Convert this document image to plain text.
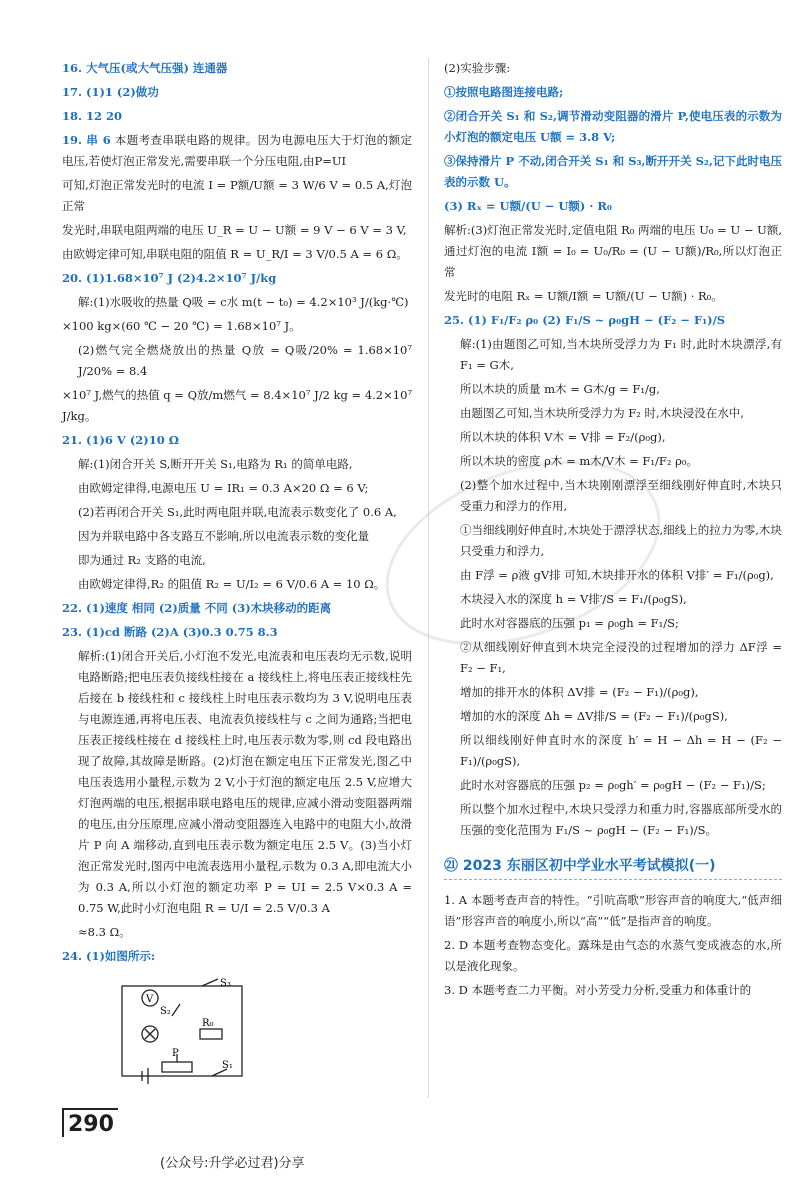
16. 大气压(或大气压强) 连通器

17. (1)1 (2)做功

18. 12 20

19. 串 6 本题考查串联电路的规律。因为电源电压大于灯泡的额定电压,若使灯泡正常发光,需要串联一个分压电阻,由P=UI

可知,灯泡正常发光时的电流 I = P额/U额 = 3 W/6 V = 0.5 A,灯泡正常

发光时,串联电阻两端的电压 U_R = U − U额 = 9 V − 6 V = 3 V,

由欧姆定律可知,串联电阻的阻值 R = U_R/I = 3 V/0.5 A = 6 Ω。

20. (1)1.68×10⁷ J (2)4.2×10⁷ J/kg

解:(1)水吸收的热量 Q吸 = c水 m(t − t₀) = 4.2×10³ J/(kg·℃)

×100 kg×(60 ℃ − 20 ℃) = 1.68×10⁷ J。

(2)燃气完全燃烧放出的热量 Q放 = Q吸/20% = 1.68×10⁷ J/20% = 8.4

×10⁷ J,燃气的热值 q = Q放/m燃气 = 8.4×10⁷ J/2 kg = 4.2×10⁷ J/kg。

21. (1)6 V (2)10 Ω

解:(1)闭合开关 S,断开开关 S₁,电路为 R₁ 的简单电路,

由欧姆定律得,电源电压 U = IR₁ = 0.3 A×20 Ω = 6 V;

(2)若再闭合开关 S₁,此时两电阻并联,电流表示数变化了 0.6 A,

因为并联电路中各支路互不影响,所以电流表示数的变化量

即为通过 R₂ 支路的电流,

由欧姆定律得,R₂ 的阻值 R₂ = U/I₂ = 6 V/0.6 A = 10 Ω。

22. (1)速度 相同 (2)质量 不同 (3)木块移动的距离

23. (1)cd 断路 (2)A (3)0.3 0.75 8.3

解析:(1)闭合开关后,小灯泡不发光,电流表和电压表均无示数,说明电路断路;把电压表负接线柱接在 a 接线柱上,将电压表正接线柱先后接在 b 接线柱和 c 接线柱上时电压表示数均为 3 V,说明电压表与电源连通,再将电压表、电流表负接线柱与 c 之间为通路;当把电压表正接线柱接在 d 接线柱上时,电压表示数为零,则 cd 段电路出现了故障,其故障是断路。(2)灯泡在额定电压下正常发光,图乙中电压表选用小量程,示数为 2 V,小于灯泡的额定电压 2.5 V,应增大灯泡两端的电压,根据串联电路电压的规律,应减小滑动变阻器两端的电压,由分压原理,应减小滑动变阻器连入电路中的电阻大小,故滑片 P 向 A 端移动,直到电压表示数为额定电压 2.5 V。(3)当小灯泡正常发光时,图丙中电流表选用小量程,示数为 0.3 A,即电流大小为 0.3 A,所以小灯泡的额定功率 P = UI = 2.5 V×0.3 A = 0.75 W,此时小灯泡电阻 R = U/I = 2.5 V/0.3 A

≈8.3 Ω。

24. (1)如图所示:

V
S₃
S₂
R₀
P
S₁

(2)实验步骤:

①按照电路图连接电路;

②闭合开关 S₁ 和 S₂,调节滑动变阻器的滑片 P,使电压表的示数为小灯泡的额定电压 U额 = 3.8 V;

③保持滑片 P 不动,闭合开关 S₁ 和 S₃,断开开关 S₂,记下此时电压表的示数 U。

(3) Rₓ = U额/(U − U额) · R₀

解析:(3)灯泡正常发光时,定值电阻 R₀ 两端的电压 U₀ = U − U额,通过灯泡的电流 I额 = I₀ = U₀/R₀ = (U − U额)/R₀,所以灯泡正常

发光时的电阻 Rₓ = U额/I额 = U额/(U − U额) · R₀。

25. (1) F₁/F₂ ρ₀ (2) F₁/S ~ ρ₀gH − (F₂ − F₁)/S

解:(1)由题图乙可知,当木块所受浮力为 F₁ 时,此时木块漂浮,有 F₁ = G木,

所以木块的质量 m木 = G木/g = F₁/g,

由题图乙可知,当木块所受浮力为 F₂ 时,木块浸没在水中,

所以木块的体积 V木 = V排 = F₂/(ρ₀g),

所以木块的密度 ρ木 = m木/V木 = F₁/F₂ ρ₀。

(2)整个加水过程中,当木块刚刚漂浮至细线刚好伸直时,木块只受重力和浮力的作用,

①当细线刚好伸直时,木块处于漂浮状态,细线上的拉力为零,木块只受重力和浮力,

由 F浮 = ρ液 gV排 可知,木块排开水的体积 V排′ = F₁/(ρ₀g),

木块浸入水的深度 h = V排′/S = F₁/(ρ₀gS),

此时水对容器底的压强 p₁ = ρ₀gh = F₁/S;

②从细线刚好伸直到木块完全浸没的过程增加的浮力 ΔF浮 = F₂ − F₁,

增加的排开水的体积 ΔV排 = (F₂ − F₁)/(ρ₀g),

增加的水的深度 Δh = ΔV排/S = (F₂ − F₁)/(ρ₀gS),

所以细线刚好伸直时水的深度 h′ = H − Δh = H − (F₂ − F₁)/(ρ₀gS),

此时水对容器底的压强 p₂ = ρ₀gh′ = ρ₀gH − (F₂ − F₁)/S;

所以整个加水过程中,木块只受浮力和重力时,容器底部所受水的压强的变化范围为 F₁/S ~ ρ₀gH − (F₂ − F₁)/S。

㉑ 2023 东丽区初中学业水平考试模拟(一)

1. A 本题考查声音的特性。“引吭高歌”形容声音的响度大,“低声细语”形容声音的响度小,所以“高”“低”是指声音的响度。

2. D 本题考查物态变化。露珠是由气态的水蒸气变成液态的水,所以是液化现象。

3. D 本题考查二力平衡。对小芳受力分析,受重力和体重计的

290
(公众号:升学必过君)分享
